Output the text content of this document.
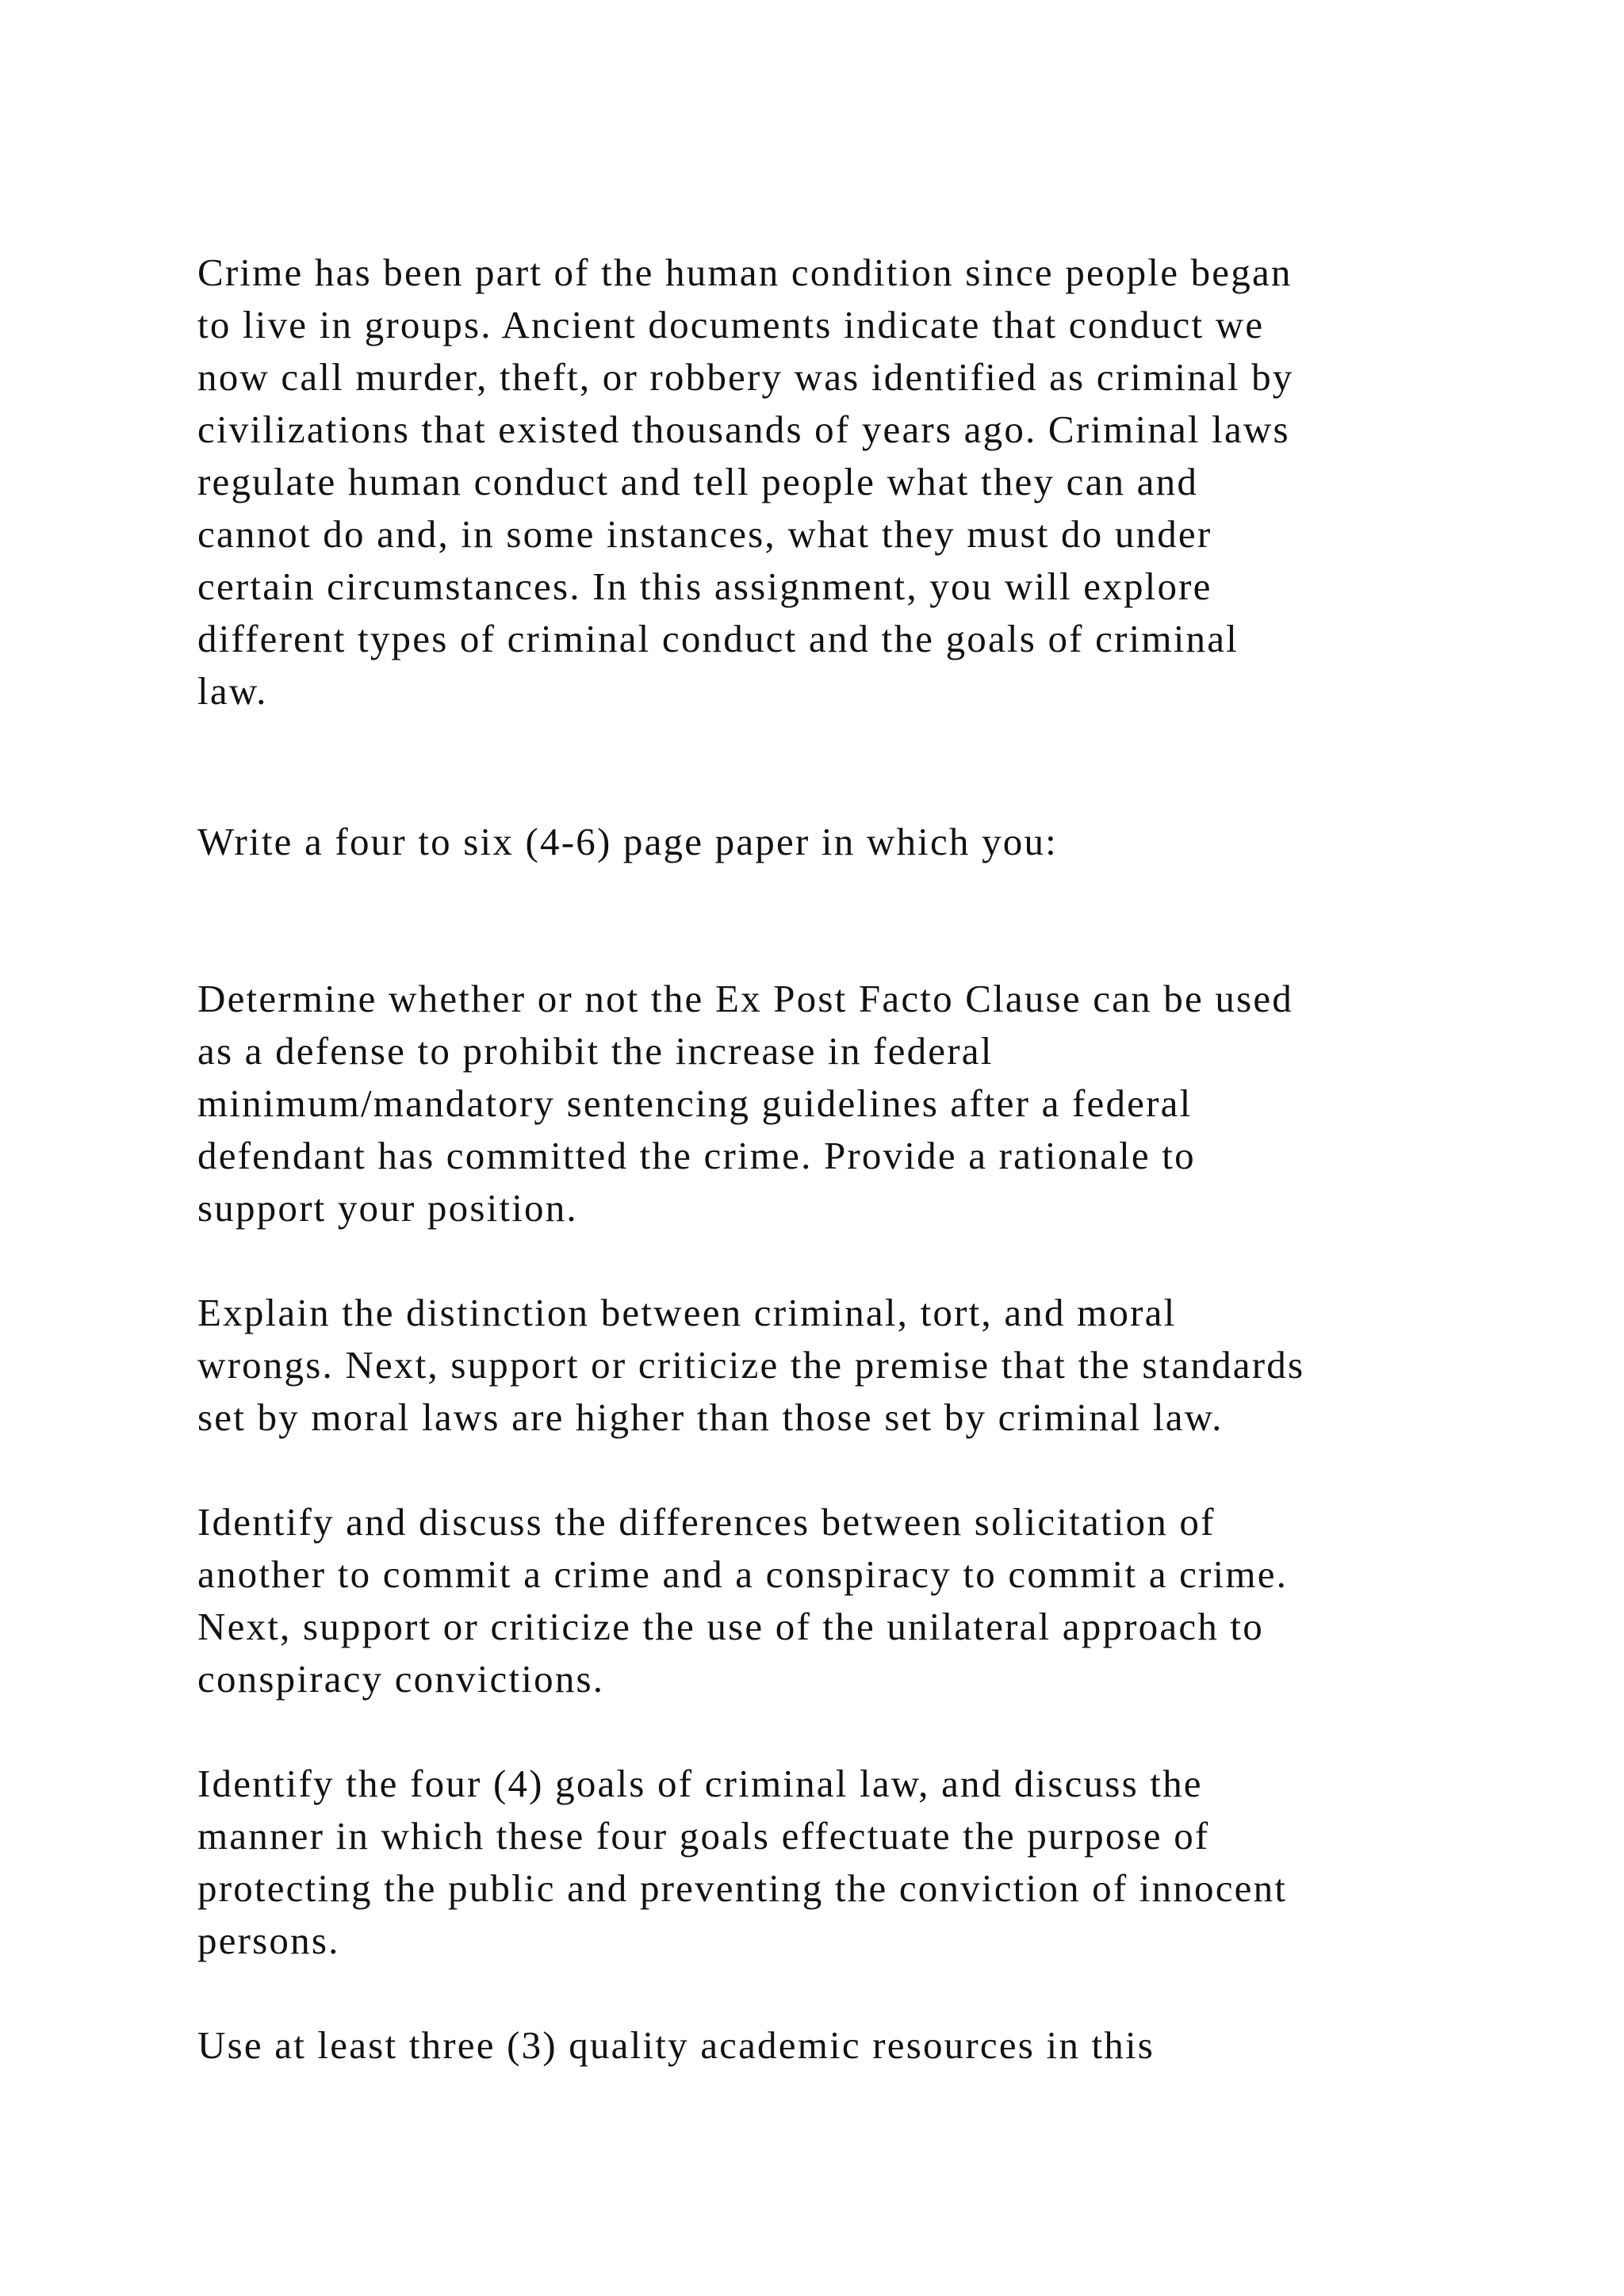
Crime has been part of the human condition since people began
to live in groups. Ancient documents indicate that conduct we
now call murder, theft, or robbery was identified as criminal by
civilizations that existed thousands of years ago. Criminal laws
regulate human conduct and tell people what they can and
cannot do and, in some instances, what they must do under
certain circumstances. In this assignment, you will explore
different types of criminal conduct and the goals of criminal
law.

Write a four to six (4-6) page paper in which you:

Determine whether or not the Ex Post Facto Clause can be used
as a defense to prohibit the increase in federal
minimum/mandatory sentencing guidelines after a federal
defendant has committed the crime. Provide a rationale to
support your position.

Explain the distinction between criminal, tort, and moral
wrongs. Next, support or criticize the premise that the standards
set by moral laws are higher than those set by criminal law.

Identify and discuss the differences between solicitation of
another to commit a crime and a conspiracy to commit a crime.
Next, support or criticize the use of the unilateral approach to
conspiracy convictions.

Identify the four (4) goals of criminal law, and discuss the
manner in which these four goals effectuate the purpose of
protecting the public and preventing the conviction of innocent
persons.

Use at least three (3) quality academic resources in this
